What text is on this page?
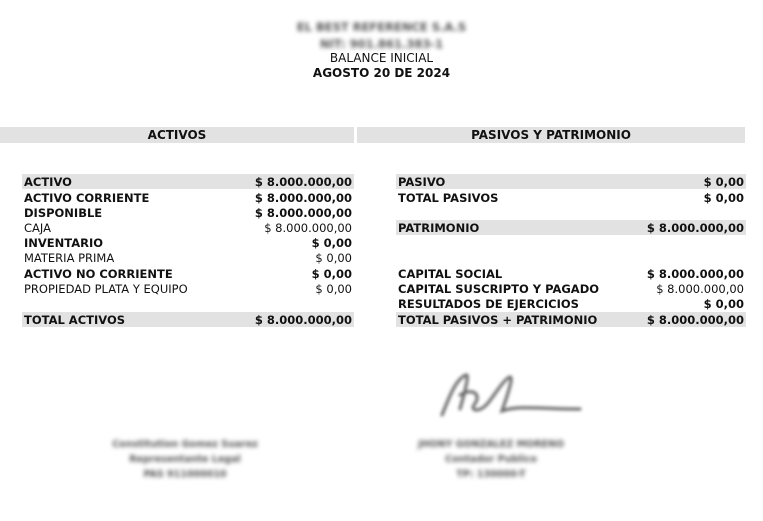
EL BEST REFERENCE S.A.S
NIT: 901.861.383-1
BALANCE INICIAL
AGOSTO 20 DE 2024
ACTIVOS	PASIVOS Y PATRIMONIO
ACTIVO	$ 8.000.000,00
ACTIVO CORRIENTE	$ 8.000.000,00
DISPONIBLE	$ 8.000.000,00
CAJA	$ 8.000.000,00
INVENTARIO	$ 0,00
MATERIA PRIMA	$ 0,00
ACTIVO NO CORRIENTE	$ 0,00
PROPIEDAD PLATA Y EQUIPO	$ 0,00
TOTAL ACTIVOS	$ 8.000.000,00
PASIVO	$ 0,00
TOTAL PASIVOS	$ 0,00
PATRIMONIO	$ 8.000.000,00
CAPITAL SOCIAL	$ 8.000.000,00
CAPITAL SUSCRIPTO Y PAGADO	$ 8.000.000,00
RESULTADOS DE EJERCICIOS	$ 0,00
TOTAL PASIVOS + PATRIMONIO	$ 8.000.000,00
Constitution Gomez Suarez
Representante Legal
PAS 911000010
JHONY GONZALEZ MORENO
Contador Publico
TP: 130000-T
